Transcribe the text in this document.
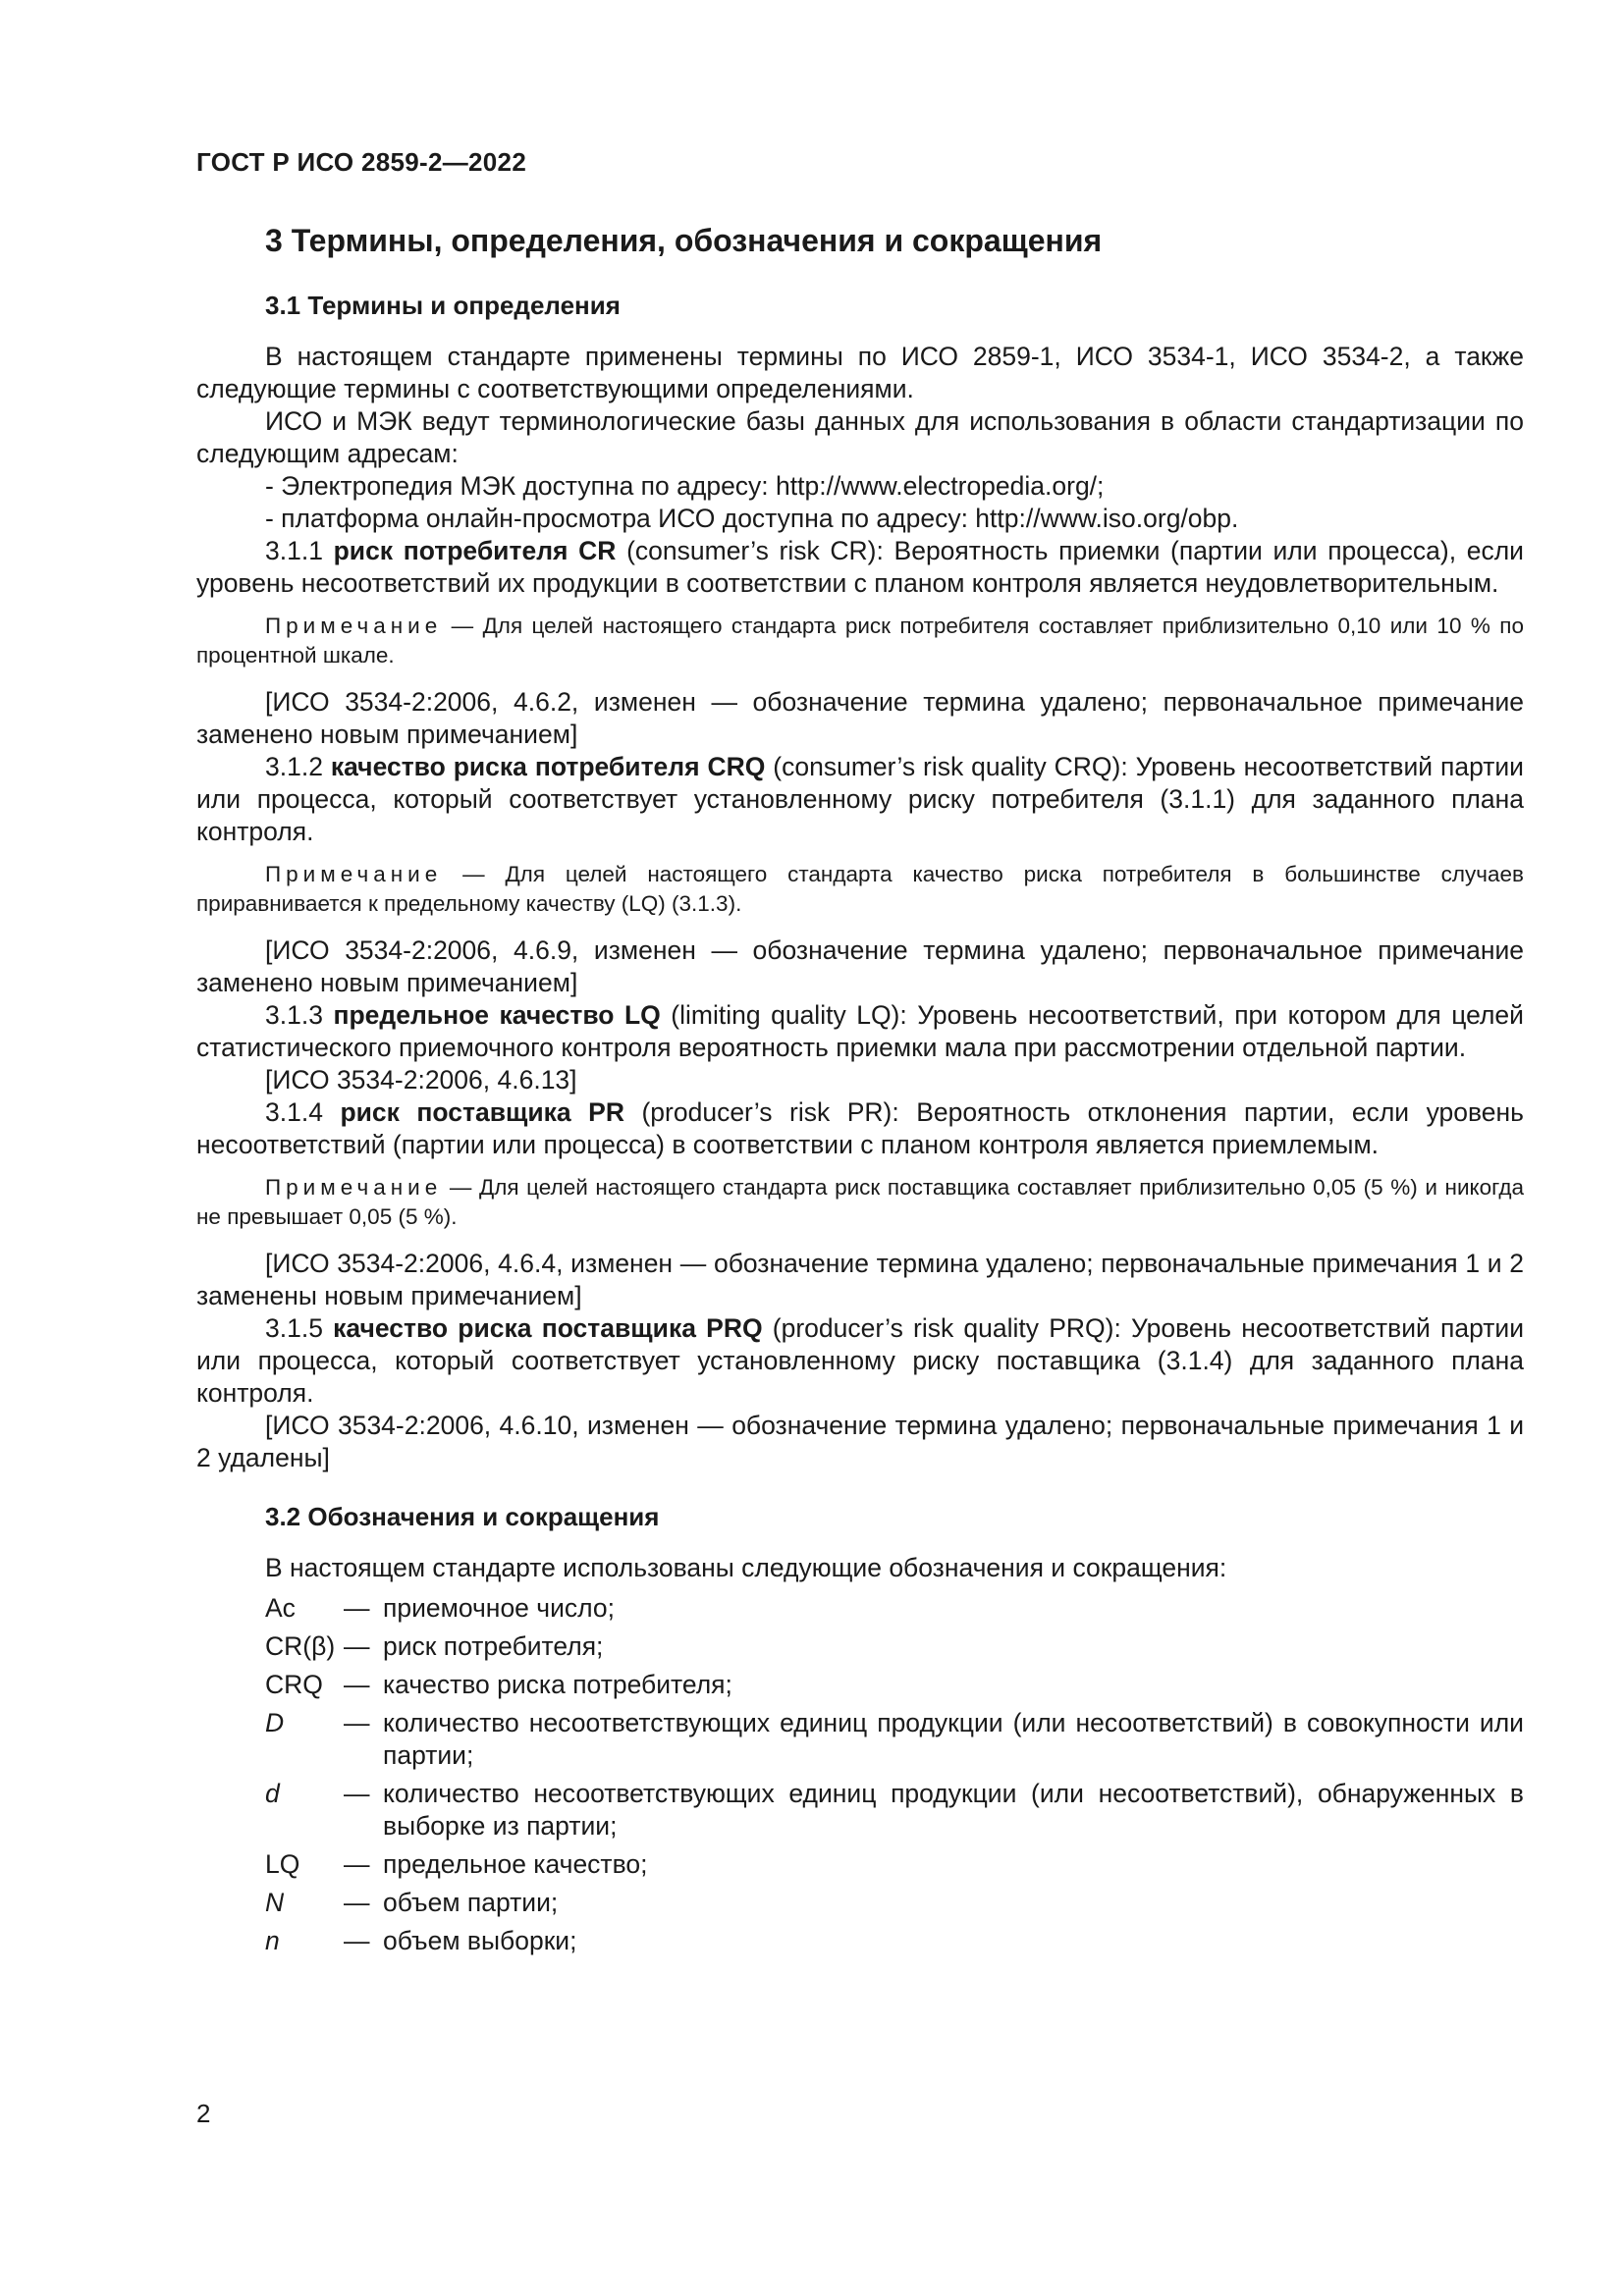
ГОСТ Р ИСО 2859-2—2022
3 Термины, определения, обозначения и сокращения
3.1 Термины и определения

В настоящем стандарте применены термины по ИСО 2859-1, ИСО 3534-1, ИСО 3534-2, а также следующие термины с соответствующими определениями.

ИСО и МЭК ведут терминологические базы данных для использования в области стандартизации по следующим адресам:

- Электропедия МЭК доступна по адресу: http://www.electropedia.org/;

- платформа онлайн-просмотра ИСО доступна по адресу: http://www.iso.org/obp.

3.1.1 риск потребителя CR (consumer’s risk CR): Вероятность приемки (партии или процесса), если уровень несоответствий их продукции в соответствии с планом контроля является неудовлетворительным.

Примечание — Для целей настоящего стандарта риск потребителя составляет приблизительно 0,10 или 10 % по процентной шкале.

[ИСО 3534-2:2006, 4.6.2, изменен — обозначение термина удалено; первоначальное примечание заменено новым примечанием]

3.1.2 качество риска потребителя CRQ (consumer’s risk quality CRQ): Уровень несоответствий партии или процесса, который соответствует установленному риску потребителя (3.1.1) для заданного плана контроля.

Примечание — Для целей настоящего стандарта качество риска потребителя в большинстве случаев приравнивается к предельному качеству (LQ) (3.1.3).

[ИСО 3534-2:2006, 4.6.9, изменен — обозначение термина удалено; первоначальное примечание заменено новым примечанием]

3.1.3 предельное качество LQ (limiting quality LQ): Уровень несоответствий, при котором для целей статистического приемочного контроля вероятность приемки мала при рассмотрении отдельной партии.

[ИСО 3534-2:2006, 4.6.13]

3.1.4 риск поставщика PR (producer’s risk PR): Вероятность отклонения партии, если уровень несоответствий (партии или процесса) в соответствии с планом контроля является приемлемым.

Примечание — Для целей настоящего стандарта риск поставщика составляет приблизительно 0,05 (5 %) и никогда не превышает 0,05 (5 %).

[ИСО 3534-2:2006, 4.6.4, изменен — обозначение термина удалено; первоначальные примечания 1 и 2 заменены новым примечанием]

3.1.5 качество риска поставщика PRQ (producer’s risk quality PRQ): Уровень несоответствий партии или процесса, который соответствует установленному риску поставщика (3.1.4) для заданного плана контроля.

[ИСО 3534-2:2006, 4.6.10, изменен — обозначение термина удалено; первоначальные примечания 1 и 2 удалены]

3.2 Обозначения и сокращения

В настоящем стандарте использованы следующие обозначения и сокращения:

Ac	— приемочное число;
CR(β) — риск потребителя;
CRQ — качество риска потребителя;
D	— количество несоответствующих единиц продукции (или несоответствий) в совокупности или партии;
d	— количество несоответствующих единиц продукции (или несоответствий), обнаруженных в выборке из партии;
LQ	— предельное качество;
N	— объем партии;
n	— объем выборки;
2
